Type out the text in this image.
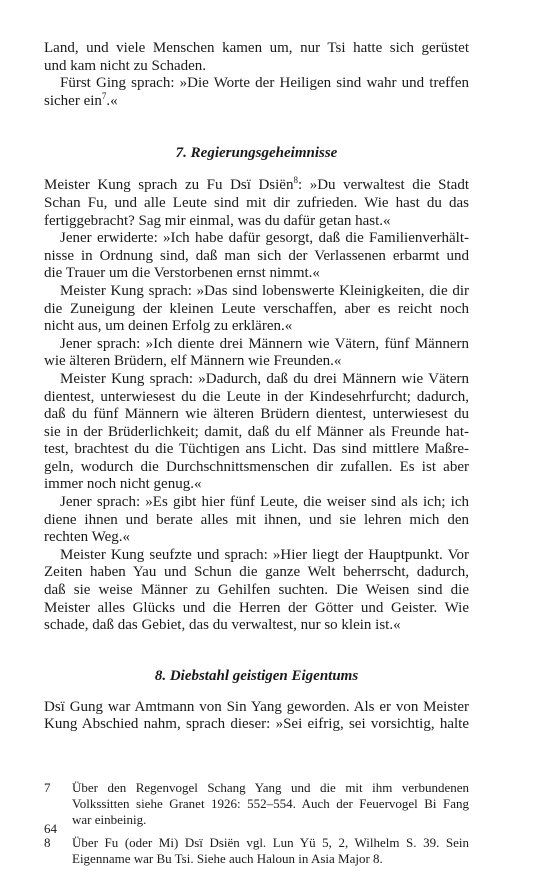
Land, und viele Menschen kamen um, nur Tsi hatte sich gerüstet
und kam nicht zu Schaden.
Fürst Ging sprach: »Die Worte der Heiligen sind wahr und treffen
sicher ein$^7$.«
7. Regierungsgeheimnisse
Meister Kung sprach zu Fu Dsï Dsiën$^8$: »Du verwaltest die Stadt
Schan Fu, und alle Leute sind mit dir zufrieden. Wie hast du das
fertiggebracht? Sag mir einmal, was du dafür getan hast.«
Jener erwiderte: »Ich habe dafür gesorgt, daß die Familienverhält-
nisse in Ordnung sind, daß man sich der Verlassenen erbarmt und
die Trauer um die Verstorbenen ernst nimmt.«
Meister Kung sprach: »Das sind lobenswerte Kleinigkeiten, die dir
die Zuneigung der kleinen Leute verschaffen, aber es reicht noch
nicht aus, um deinen Erfolg zu erklären.«
Jener sprach: »Ich diente drei Männern wie Vätern, fünf Männern
wie älteren Brüdern, elf Männern wie Freunden.«
Meister Kung sprach: »Dadurch, daß du drei Männern wie Vätern
dientest, unterwiesest du die Leute in der Kindesehrfurcht; dadurch,
daß du fünf Männern wie älteren Brüdern dientest, unterwiesest du
sie in der Brüderlichkeit; damit, daß du elf Männer als Freunde hat-
test, brachtest du die Tüchtigen ans Licht. Das sind mittlere Maßre-
geln, wodurch die Durchschnittsmenschen dir zufallen. Es ist aber
immer noch nicht genug.«
Jener sprach: »Es gibt hier fünf Leute, die weiser sind als ich; ich
diene ihnen und berate alles mit ihnen, und sie lehren mich den
rechten Weg.«
Meister Kung seufzte und sprach: »Hier liegt der Hauptpunkt. Vor
Zeiten haben Yau und Schun die ganze Welt beherrscht, dadurch,
daß sie weise Männer zu Gehilfen suchten. Die Weisen sind die
Meister alles Glücks und die Herren der Götter und Geister. Wie
schade, daß das Gebiet, das du verwaltest, nur so klein ist.«
8. Diebstahl geistigen Eigentums
Dsï Gung war Amtmann von Sin Yang geworden. Als er von Meister
Kung Abschied nahm, sprach dieser: »Sei eifrig, sei vorsichtig, halte
7 Über den Regenvogel Schang Yang und die mit ihm verbundenen
Volkssitten siehe Granet 1926: 552–554. Auch der Feuervogel Bi Fang
war einbeinig.
8 Über Fu (oder Mi) Dsï Dsiën vgl. Lun Yü 5, 2, Wilhelm S. 39. Sein
Eigenname war Bu Tsi. Siehe auch Haloun in Asia Major 8.
64
